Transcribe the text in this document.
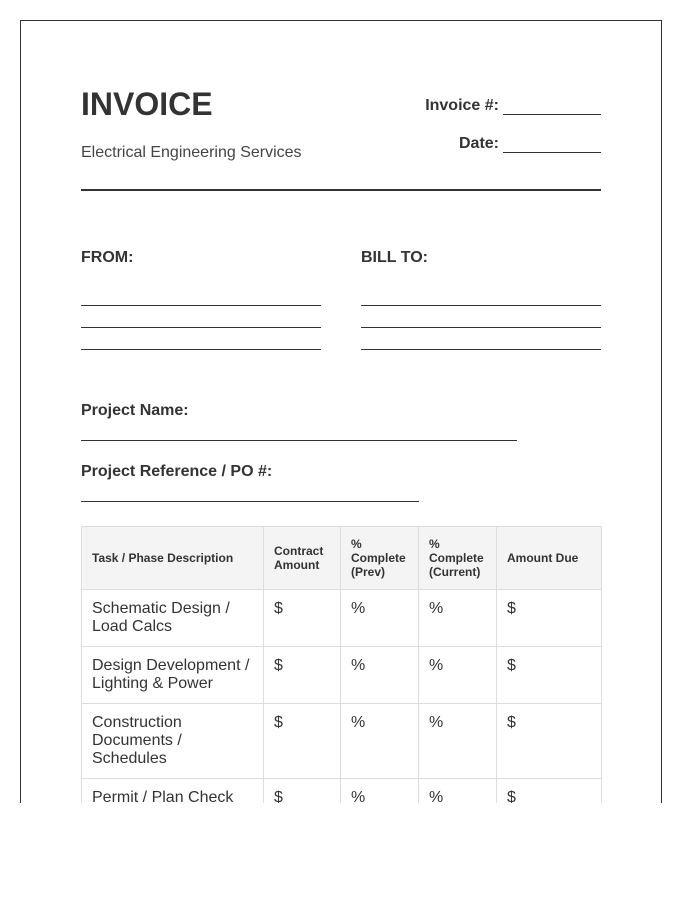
INVOICE
Electrical Engineering Services
Invoice #:
Date:
FROM:	BILL TO:
Project Name:
Project Reference / PO #:
Task / Phase Description	Contract Amount	% Complete (Prev)	% Complete (Current)	Amount Due
Schematic Design / Load Calcs	$	%	%	$
Design Development / Lighting & Power	$	%	%	$
Construction Documents / Schedules	$	%	%	$
Permit / Plan Check	$	%	%	$
